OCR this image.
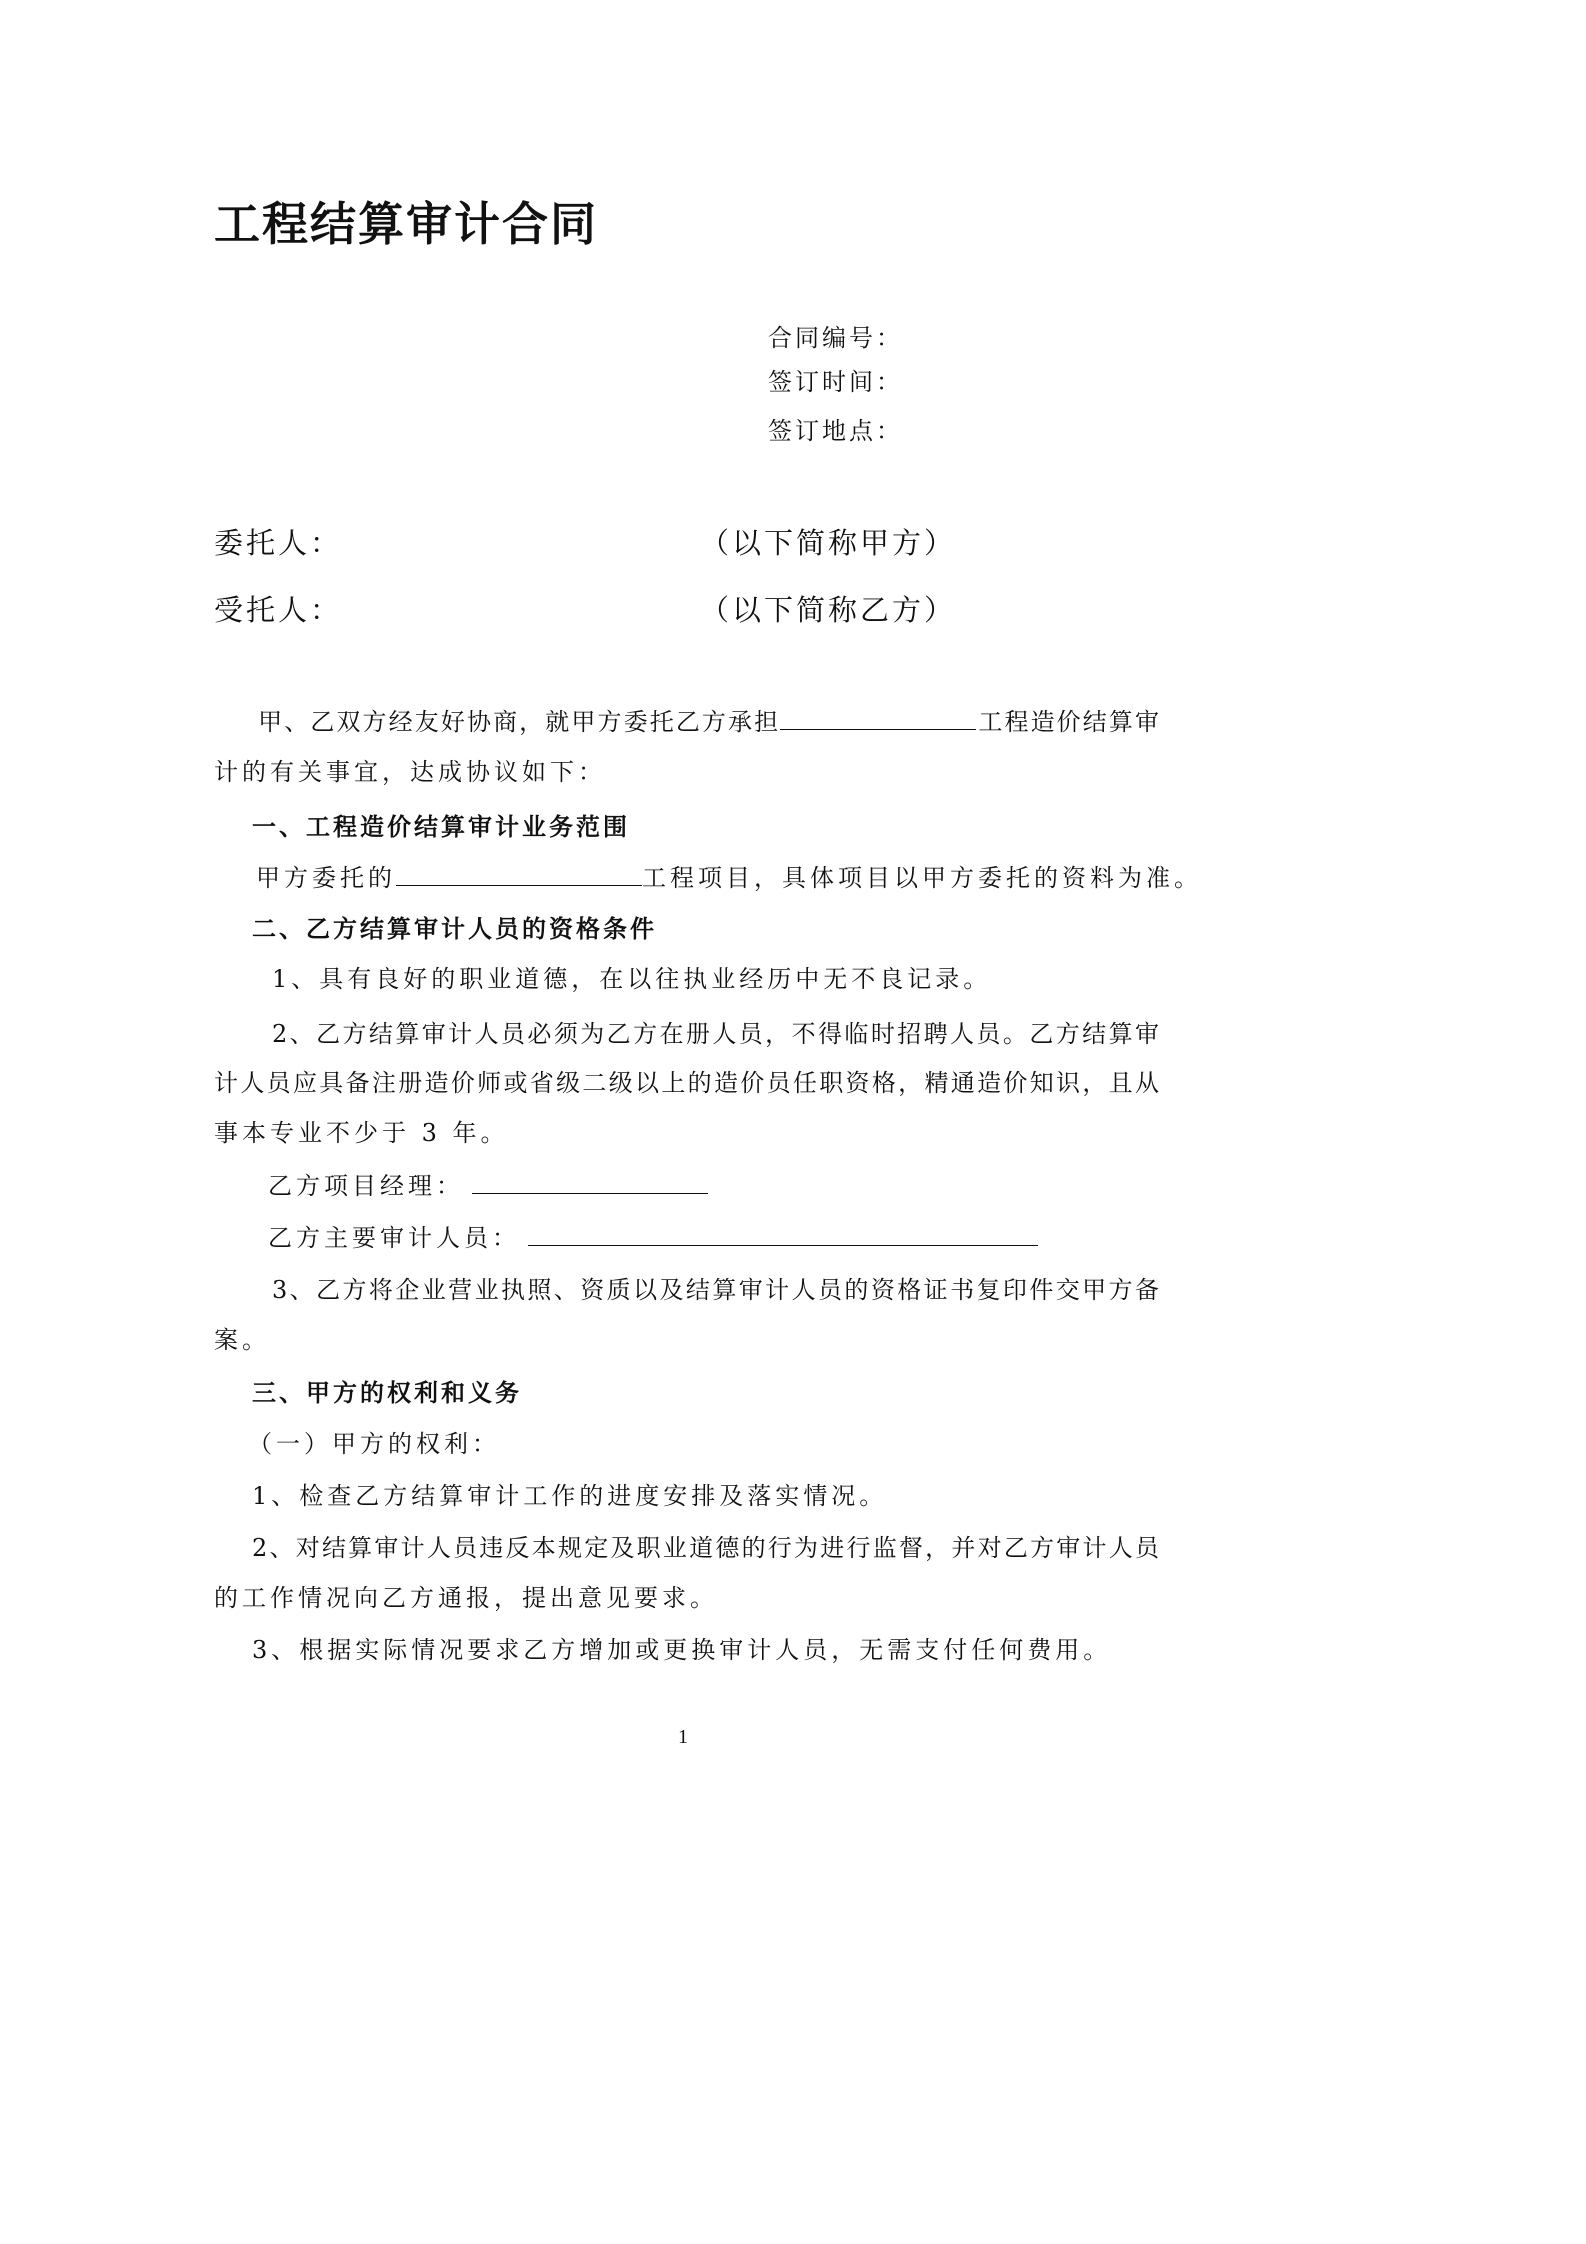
工程结算审计合同
合同编号：
签订时间：
签订地点：
委托人：	（以下简称甲方）
受托人：	（以下简称乙方）
甲、乙双方经友好协商，就甲方委托乙方承担	工程造价结算审
计的有关事宜，达成协议如下：
一、工程造价结算审计业务范围
甲方委托的	工程项目，具体项目以甲方委托的资料为准。
二、乙方结算审计人员的资格条件
1、具有良好的职业道德，在以往执业经历中无不良记录。
2、乙方结算审计人员必须为乙方在册人员，不得临时招聘人员。乙方结算审
计人员应具备注册造价师或省级二级以上的造价员任职资格，精通造价知识，且从
事本专业不少于 3 年。
乙方项目经理：
乙方主要审计人员：
3、乙方将企业营业执照、资质以及结算审计人员的资格证书复印件交甲方备
案。
三、甲方的权利和义务
（一）甲方的权利：
1、检查乙方结算审计工作的进度安排及落实情况。
2、对结算审计人员违反本规定及职业道德的行为进行监督，并对乙方审计人员
的工作情况向乙方通报，提出意见要求。
3、根据实际情况要求乙方增加或更换审计人员，无需支付任何费用。
1
